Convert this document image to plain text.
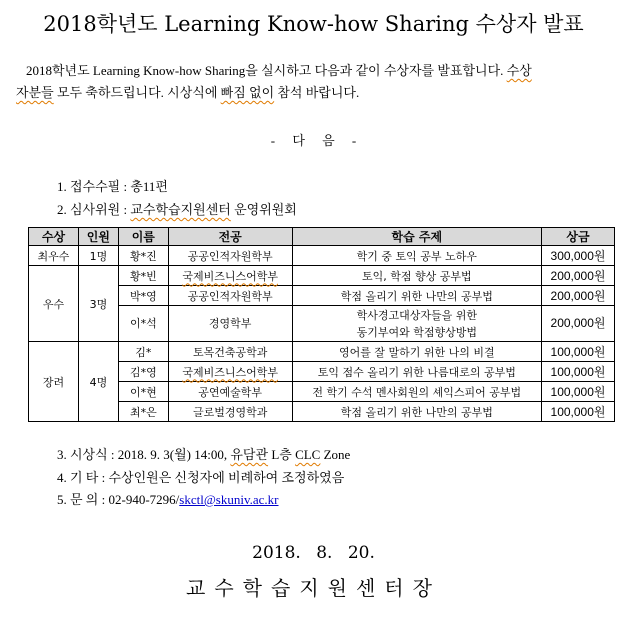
2018학년도 Learning Know-how Sharing 수상자 발표
2018학년도 Learning Know-how Sharing을 실시하고 다음과 같이 수상자를 발표합니다. 수상
자분들 모두 축하드립니다. 시상식에 빠짐 없이 참석 바랍니다.
- 다 음 -
1. 접수수필 : 총11편
2. 심사위원 : 교수학습지원센터 운영위원회
수상	인원	이름	전공	학습 주제	상금
최우수	1명	황*진	공공인적자원학부	학기 중 토익 공부 노하우	300,000원
우수	3명	황*빈	국제비즈니스어학부	토익, 학점 향상 공부법	200,000원
		박*영	공공인적자원학부	학점 올리기 위한 나만의 공부법	200,000원
		이*석	경영학부	학사경고대상자들을 위한
동기부여와 학점향상방법	200,000원
장려	4명	김*	토목건축공학과	영어를 잘 말하기 위한 나의 비결	100,000원
		김*영	국제비즈니스어학부	토익 점수 올리기 위한 나름대로의 공부법	100,000원
		이*현	공연예술학부	전 학기 수석 멘사회원의 셰익스피어 공부법	100,000원
		최*은	글로벌경영학과	학점 올리기 위한 나만의 공부법	100,000원
3. 시상식 : 2018. 9. 3(월) 14:00, 유담관 L층 CLC Zone
4. 기 타 : 수상인원은 신청자에 비례하여 조정하였음
5. 문 의 : 02-940-7296/skctl@skuniv.ac.kr
2018. 8. 20.
교수학습지원센터장
